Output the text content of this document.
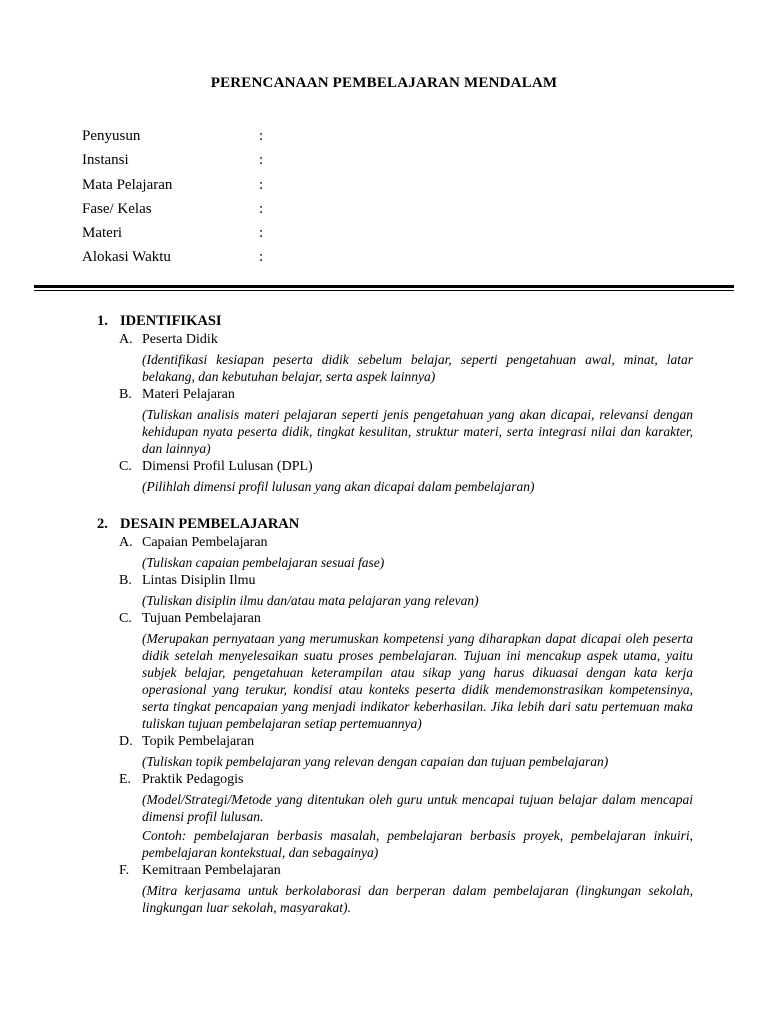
PERENCANAAN PEMBELAJARAN MENDALAM
Penyusun	:
Instansi	:
Mata Pelajaran	:
Fase/ Kelas	:
Materi	:
Alokasi Waktu	:
1. IDENTIFIKASI
A. Peserta Didik
(Identifikasi kesiapan peserta didik sebelum belajar, seperti pengetahuan awal, minat, latar belakang, dan kebutuhan belajar, serta aspek lainnya)
B. Materi Pelajaran
(Tuliskan analisis materi pelajaran seperti jenis pengetahuan yang akan dicapai, relevansi dengan kehidupan nyata peserta didik, tingkat kesulitan, struktur materi, serta integrasi nilai dan karakter, dan lainnya)
C. Dimensi Profil Lulusan (DPL)
(Pilihlah dimensi profil lulusan yang akan dicapai dalam pembelajaran)
2. DESAIN PEMBELAJARAN
A. Capaian Pembelajaran
(Tuliskan capaian pembelajaran sesuai fase)
B. Lintas Disiplin Ilmu
(Tuliskan disiplin ilmu dan/atau mata pelajaran yang relevan)
C. Tujuan Pembelajaran
(Merupakan pernyataan yang merumuskan kompetensi yang diharapkan dapat dicapai oleh peserta didik setelah menyelesaikan suatu proses pembelajaran. Tujuan ini mencakup aspek utama, yaitu subjek belajar, pengetahuan keterampilan atau sikap yang harus dikuasai dengan kata kerja operasional yang terukur, kondisi atau konteks peserta didik mendemonstrasikan kompetensinya, serta tingkat pencapaian yang menjadi indikator keberhasilan. Jika lebih dari satu pertemuan maka tuliskan tujuan pembelajaran setiap pertemuannya)
D. Topik Pembelajaran
(Tuliskan topik pembelajaran yang relevan dengan capaian dan tujuan pembelajaran)
E. Praktik Pedagogis
(Model/Strategi/Metode yang ditentukan oleh guru untuk mencapai tujuan belajar dalam mencapai dimensi profil lulusan.
Contoh: pembelajaran berbasis masalah, pembelajaran berbasis proyek, pembelajaran inkuiri, pembelajaran kontekstual, dan sebagainya)
F. Kemitraan Pembelajaran
(Mitra kerjasama untuk berkolaborasi dan berperan dalam pembelajaran (lingkungan sekolah, lingkungan luar sekolah, masyarakat).
